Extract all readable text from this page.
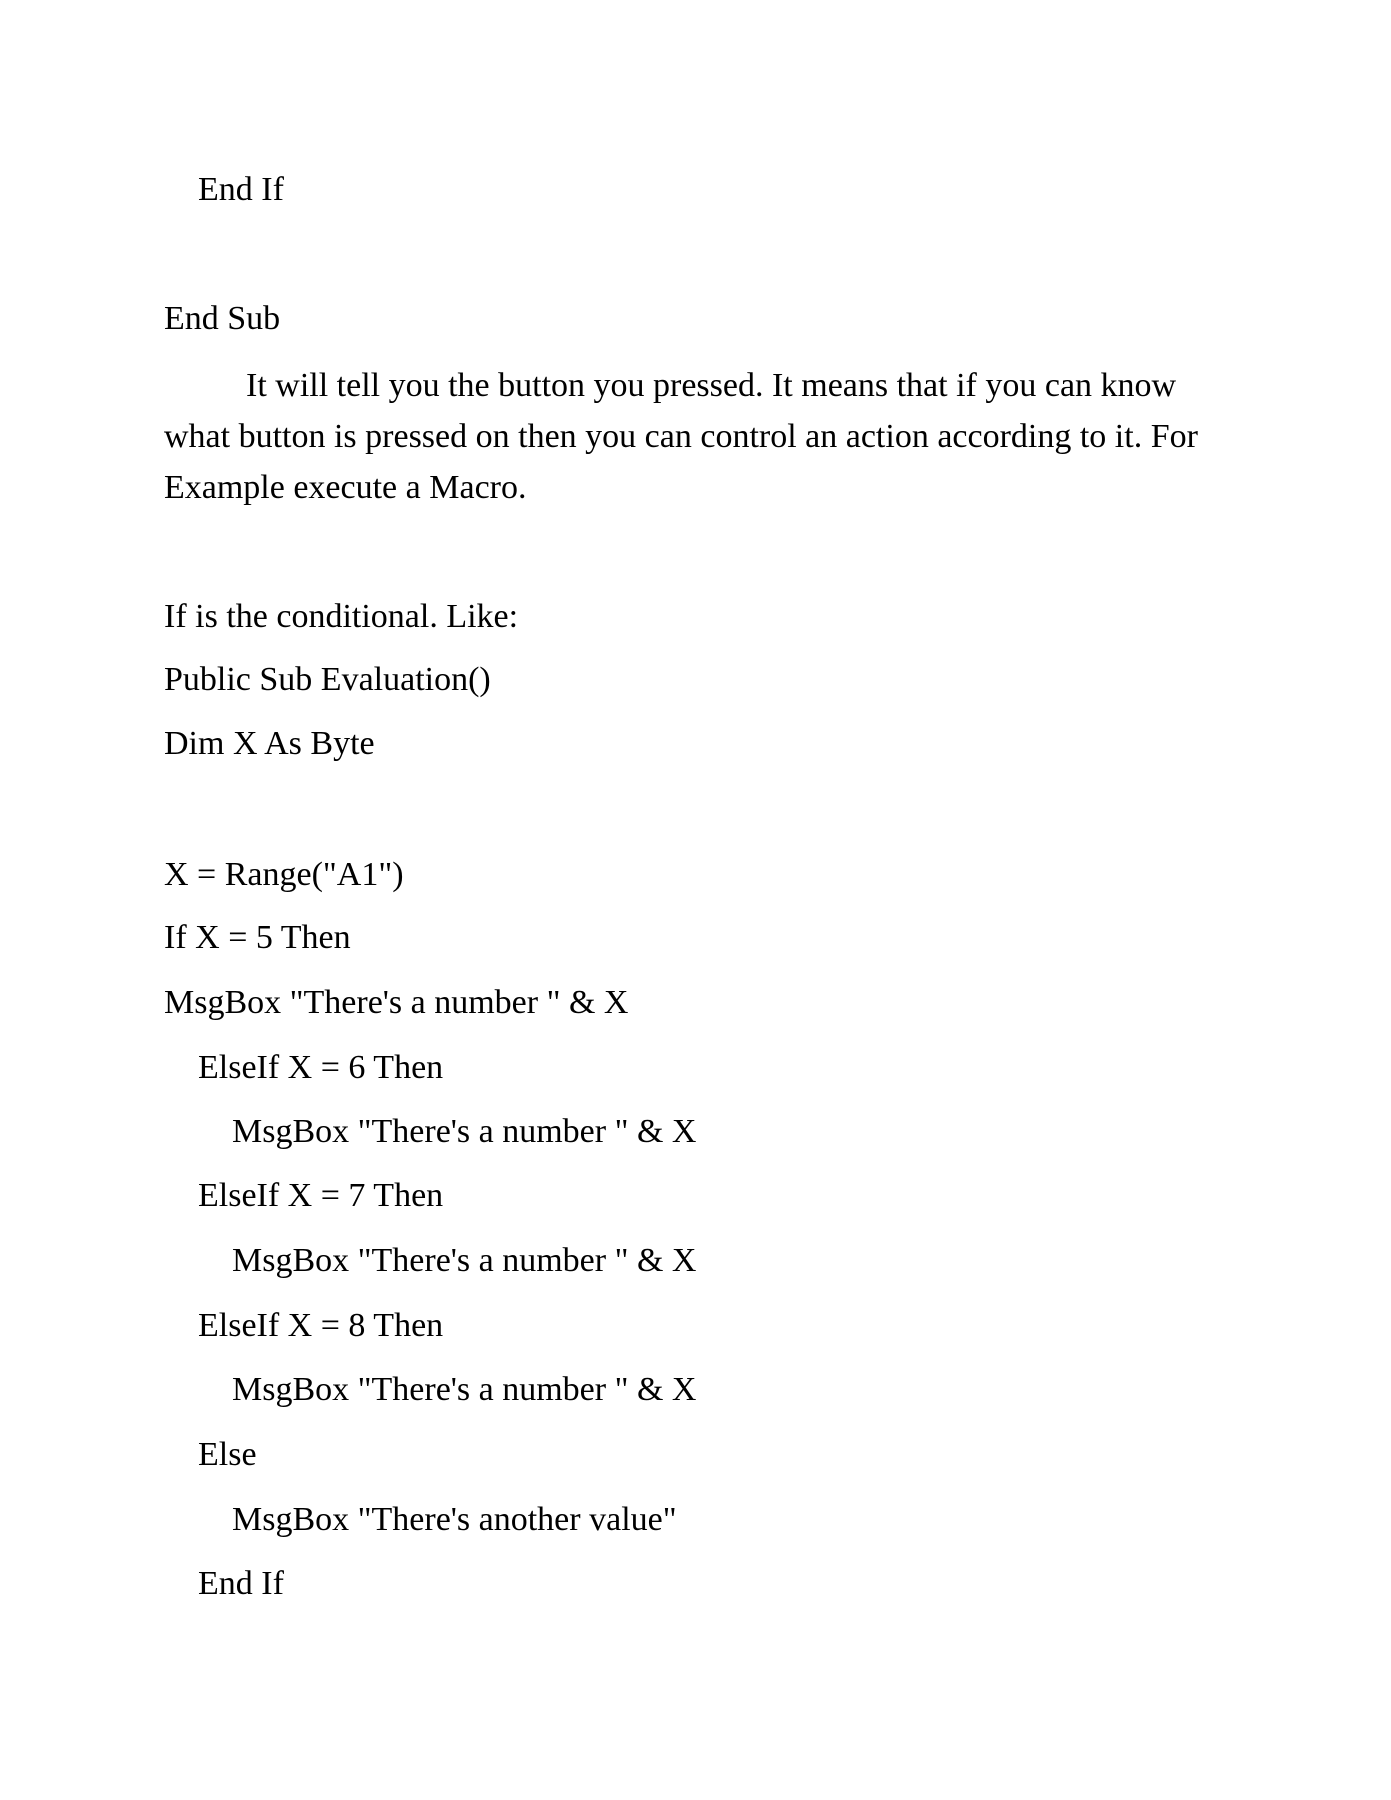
End If

End Sub

It will tell you the button you pressed. It means that if you can know what button is pressed on then you can control an action according to it. For Example execute a Macro.

If is the conditional. Like:

Public Sub Evaluation()

Dim X As Byte

X = Range("A1")

If X = 5 Then

MsgBox "There's a number " & X

ElseIf X = 6 Then

MsgBox "There's a number " & X

ElseIf X = 7 Then

MsgBox "There's a number " & X

ElseIf X = 8 Then

MsgBox "There's a number " & X

Else

MsgBox "There's another value"

End If
